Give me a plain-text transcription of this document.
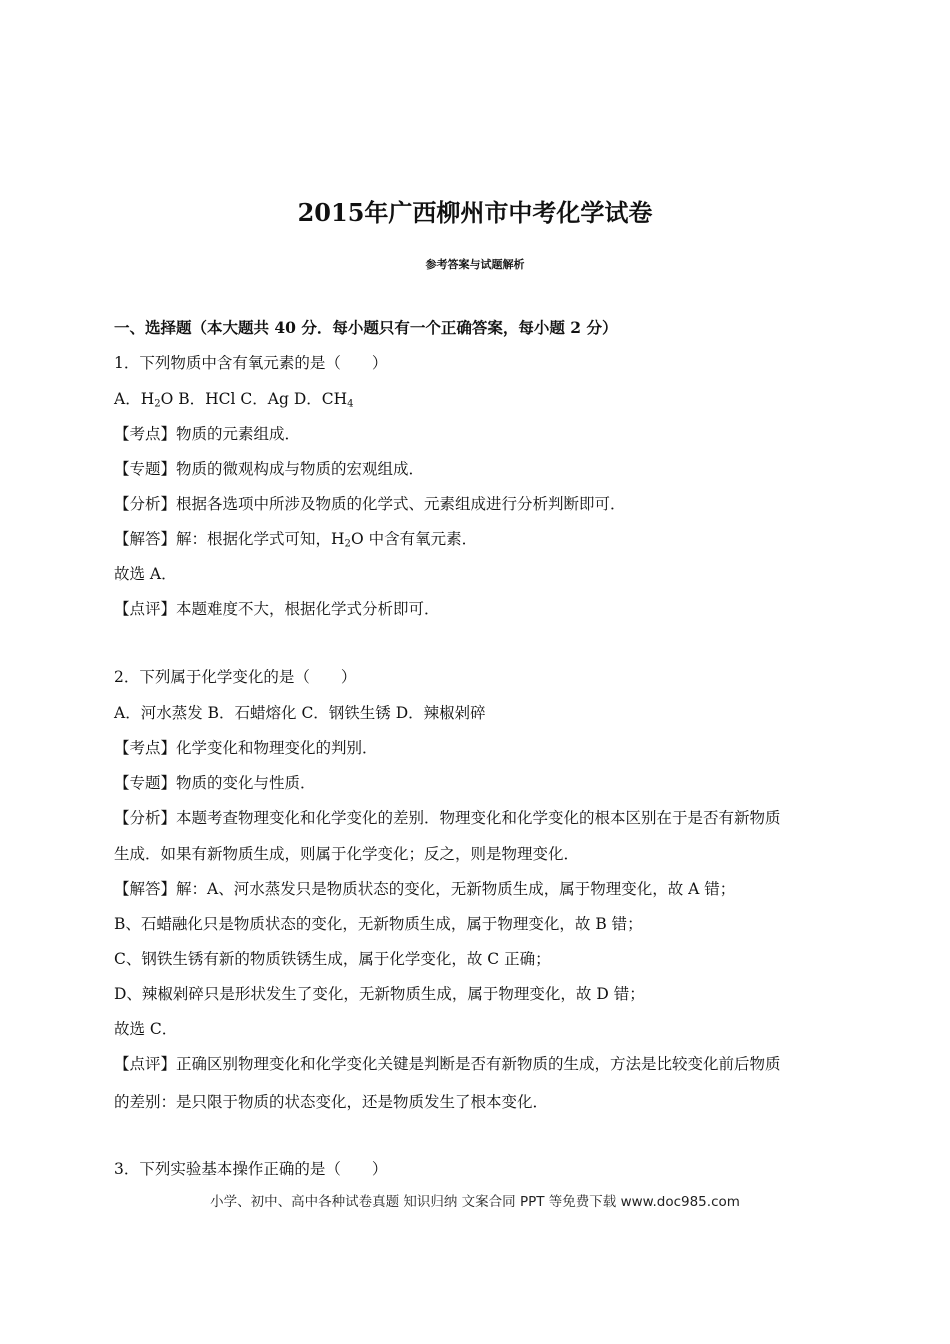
2015年广西柳州市中考化学试卷
参考答案与试题解析
一、选择题（本大题共 40 分．每小题只有一个正确答案，每小题 2 分）
1．下列物质中含有氧元素的是（　　）
A．$H_2O$ B．HCl C．Ag D．$CH_4$
【考点】物质的元素组成．
【专题】物质的微观构成与物质的宏观组成．
【分析】根据各选项中所涉及物质的化学式、元素组成进行分析判断即可．
【解答】解：根据化学式可知，$H_2O$ 中含有氧元素．
故选 A．
【点评】本题难度不大，根据化学式分析即可．
2．下列属于化学变化的是（　　）
A．河水蒸发 B．石蜡熔化 C．钢铁生锈 D．辣椒剁碎
【考点】化学变化和物理变化的判别．
【专题】物质的变化与性质．
【分析】本题考查物理变化和化学变化的差别．物理变化和化学变化的根本区别在于是否有新物质
生成．如果有新物质生成，则属于化学变化；反之，则是物理变化．
【解答】解：A、河水蒸发只是物质状态的变化，无新物质生成，属于物理变化，故 A 错；
B、石蜡融化只是物质状态的变化，无新物质生成，属于物理变化，故 B 错；
C、钢铁生锈有新的物质铁锈生成，属于化学变化，故 C 正确；
D、辣椒剁碎只是形状发生了变化，无新物质生成，属于物理变化，故 D 错；
故选 C．
【点评】正确区别物理变化和化学变化关键是判断是否有新物质的生成，方法是比较变化前后物质
的差别：是只限于物质的状态变化，还是物质发生了根本变化．
3．下列实验基本操作正确的是（　　）
小学、初中、高中各种试卷真题 知识归纳 文案合同 PPT 等免费下载 www.doc985.com
